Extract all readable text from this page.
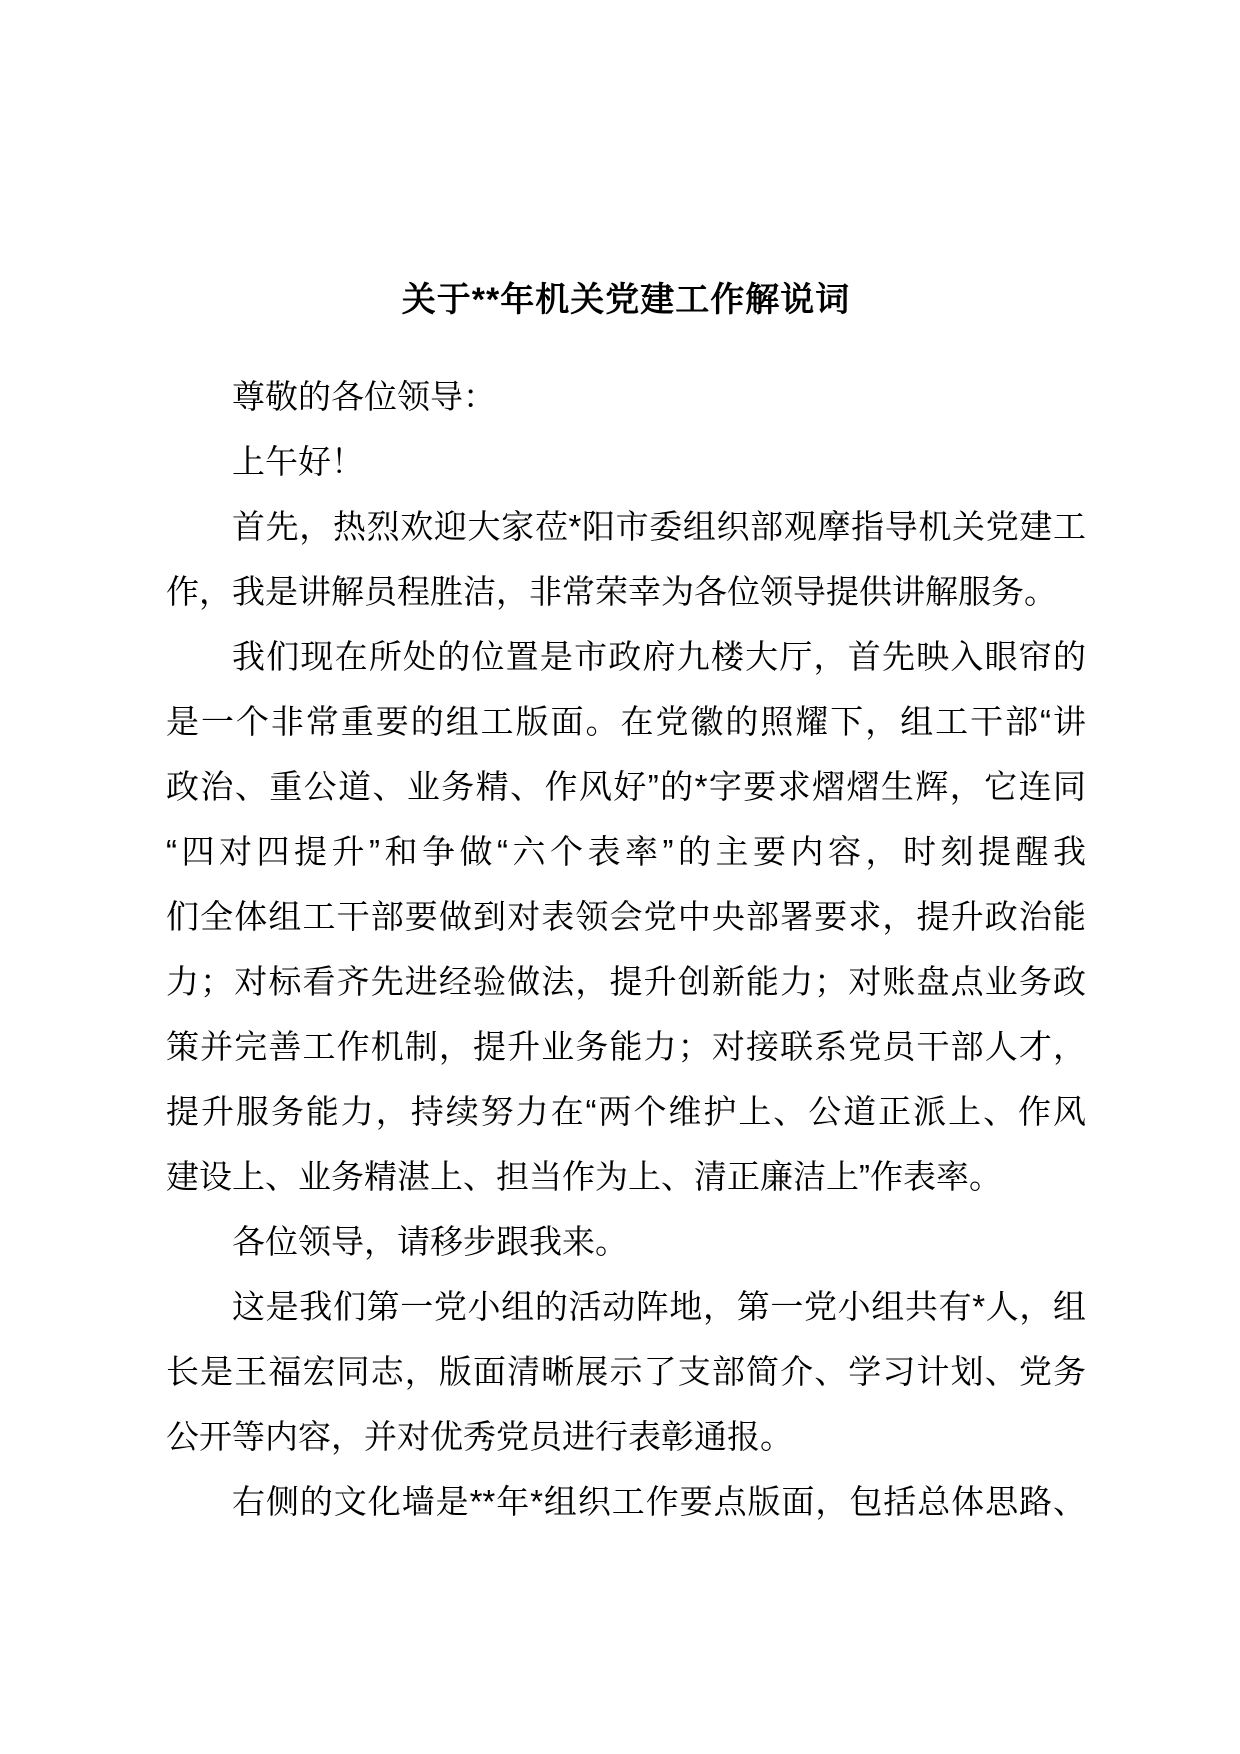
关于**年机关党建工作解说词
尊敬的各位领导：
上午好！
首先，热烈欢迎大家莅*阳市委组织部观摩指导机关党建工
作，我是讲解员程胜洁，非常荣幸为各位领导提供讲解服务。
我们现在所处的位置是市政府九楼大厅，首先映入眼帘的
是一个非常重要的组工版面。在党徽的照耀下，组工干部“讲
政治、重公道、业务精、作风好”的*字要求熠熠生辉，它连同
“四对四提升”和争做“六个表率”的主要内容，时刻提醒我
们全体组工干部要做到对表领会党中央部署要求，提升政治能
力；对标看齐先进经验做法，提升创新能力；对账盘点业务政
策并完善工作机制，提升业务能力；对接联系党员干部人才，
提升服务能力，持续努力在“两个维护上、公道正派上、作风
建设上、业务精湛上、担当作为上、清正廉洁上”作表率。
各位领导，请移步跟我来。
这是我们第一党小组的活动阵地，第一党小组共有*人，组
长是王福宏同志，版面清晰展示了支部简介、学习计划、党务
公开等内容，并对优秀党员进行表彰通报。
右侧的文化墙是**年*组织工作要点版面，包括总体思路、
